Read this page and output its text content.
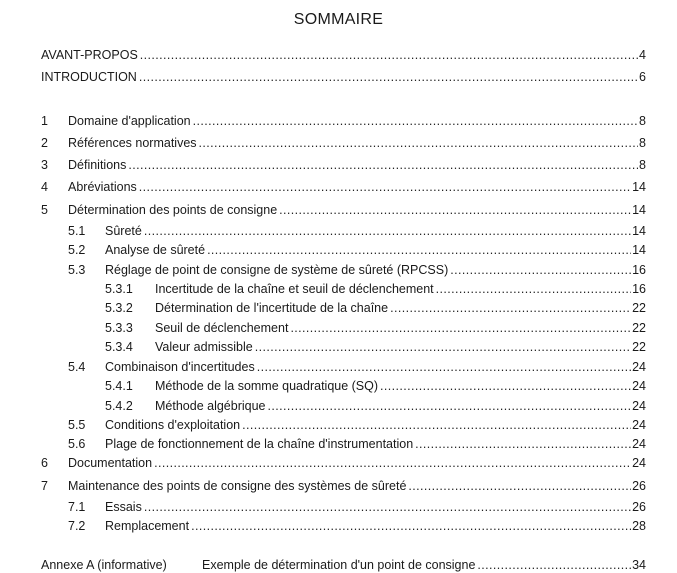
SOMMAIRE
AVANT-PROPOS .....	4
INTRODUCTION .....	6
1	Domaine d'application .....	8
2	Références normatives .....	8
3	Définitions .....	8
4	Abréviations .....	14
5	Détermination des points de consigne .....	14
5.1	Sûreté .....	14
5.2	Analyse de sûreté .....	14
5.3	Réglage de point de consigne de système de sûreté (RPCSS) .....	16
5.3.1	Incertitude de la chaîne et seuil de déclenchement .....	16
5.3.2	Détermination de l'incertitude de la chaîne .....	22
5.3.3	Seuil de déclenchement .....	22
5.3.4	Valeur admissible .....	22
5.4	Combinaison d'incertitudes .....	24
5.4.1	Méthode de la somme quadratique (SQ) .....	24
5.4.2	Méthode algébrique .....	24
5.5	Conditions d'exploitation .....	24
5.6	Plage de fonctionnement de la chaîne d'instrumentation .....	24
6	Documentation .....	24
7	Maintenance des points de consigne des systèmes de sûreté .....	26
7.1	Essais .....	26
7.2	Remplacement .....	28
Annexe A (informative)	Exemple de détermination d'un point de consigne .....	34
